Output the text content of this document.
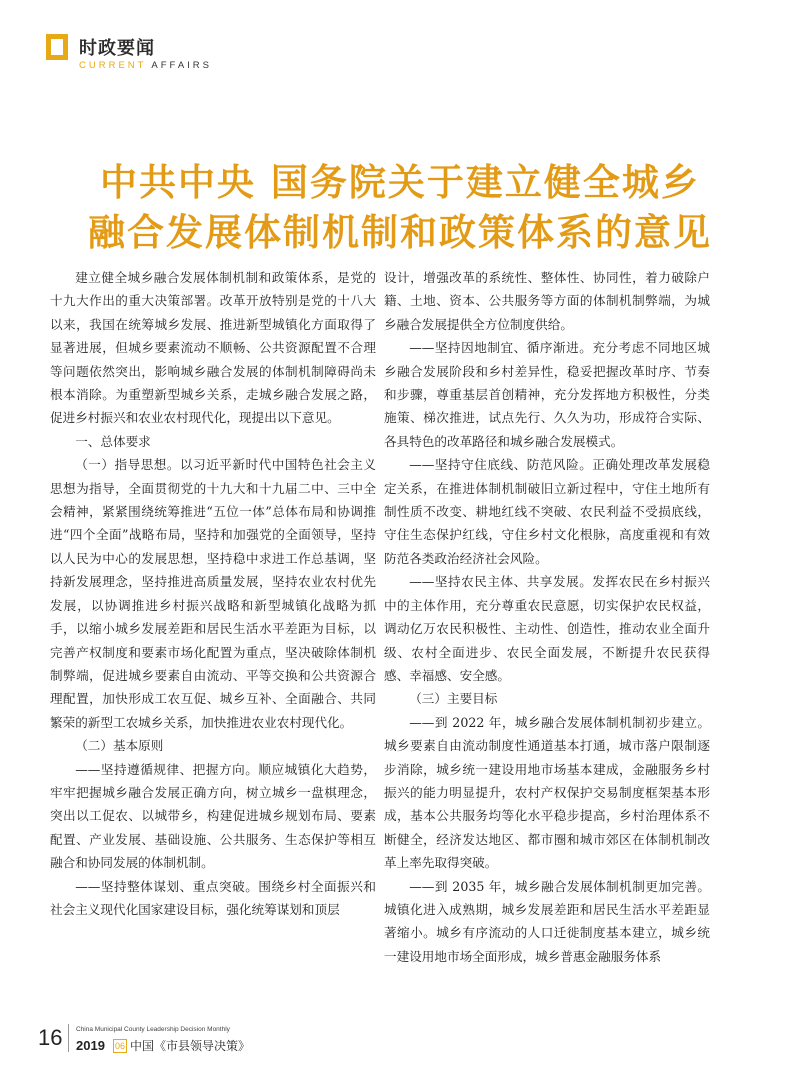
时政要闻
CURRENT AFFAIRS
中共中央 国务院关于建立健全城乡
融合发展体制机制和政策体系的意见

建立健全城乡融合发展体制机制和政策体系，是党的十九大作出的重大决策部署。改革开放特别是党的十八大以来，我国在统筹城乡发展、推进新型城镇化方面取得了显著进展，但城乡要素流动不顺畅、公共资源配置不合理等问题依然突出，影响城乡融合发展的体制机制障碍尚未根本消除。为重塑新型城乡关系，走城乡融合发展之路，促进乡村振兴和农业农村现代化，现提出以下意见。

一、总体要求

（一）指导思想。以习近平新时代中国特色社会主义思想为指导，全面贯彻党的十九大和十九届二中、三中全会精神，紧紧围绕统筹推进“五位一体”总体布局和协调推进“四个全面”战略布局，坚持和加强党的全面领导，坚持以人民为中心的发展思想，坚持稳中求进工作总基调，坚持新发展理念，坚持推进高质量发展，坚持农业农村优先发展，以协调推进乡村振兴战略和新型城镇化战略为抓手，以缩小城乡发展差距和居民生活水平差距为目标，以完善产权制度和要素市场化配置为重点，坚决破除体制机制弊端，促进城乡要素自由流动、平等交换和公共资源合理配置，加快形成工农互促、城乡互补、全面融合、共同繁荣的新型工农城乡关系，加快推进农业农村现代化。

（二）基本原则

——坚持遵循规律、把握方向。顺应城镇化大趋势，牢牢把握城乡融合发展正确方向，树立城乡一盘棋理念，突出以工促农、以城带乡，构建促进城乡规划布局、要素配置、产业发展、基础设施、公共服务、生态保护等相互融合和协同发展的体制机制。

——坚持整体谋划、重点突破。围绕乡村全面振兴和社会主义现代化国家建设目标，强化统筹谋划和顶层

设计，增强改革的系统性、整体性、协同性，着力破除户籍、土地、资本、公共服务等方面的体制机制弊端，为城乡融合发展提供全方位制度供给。

——坚持因地制宜、循序渐进。充分考虑不同地区城乡融合发展阶段和乡村差异性，稳妥把握改革时序、节奏和步骤，尊重基层首创精神，充分发挥地方积极性，分类施策、梯次推进，试点先行、久久为功，形成符合实际、各具特色的改革路径和城乡融合发展模式。

——坚持守住底线、防范风险。正确处理改革发展稳定关系，在推进体制机制破旧立新过程中，守住土地所有制性质不改变、耕地红线不突破、农民利益不受损底线，守住生态保护红线，守住乡村文化根脉，高度重视和有效防范各类政治经济社会风险。

——坚持农民主体、共享发展。发挥农民在乡村振兴中的主体作用，充分尊重农民意愿，切实保护农民权益，调动亿万农民积极性、主动性、创造性，推动农业全面升级、农村全面进步、农民全面发展，不断提升农民获得感、幸福感、安全感。

（三）主要目标

——到 2022 年，城乡融合发展体制机制初步建立。城乡要素自由流动制度性通道基本打通，城市落户限制逐步消除，城乡统一建设用地市场基本建成，金融服务乡村振兴的能力明显提升，农村产权保护交易制度框架基本形成，基本公共服务均等化水平稳步提高，乡村治理体系不断健全，经济发达地区、都市圈和城市郊区在体制机制改革上率先取得突破。

——到 2035 年，城乡融合发展体制机制更加完善。城镇化进入成熟期，城乡发展差距和居民生活水平差距显著缩小。城乡有序流动的人口迁徙制度基本建立，城乡统一建设用地市场全面形成，城乡普惠金融服务体系

16	China Municipal County Leadership Decision Monthly
2019 06 中国《市县领导决策》
